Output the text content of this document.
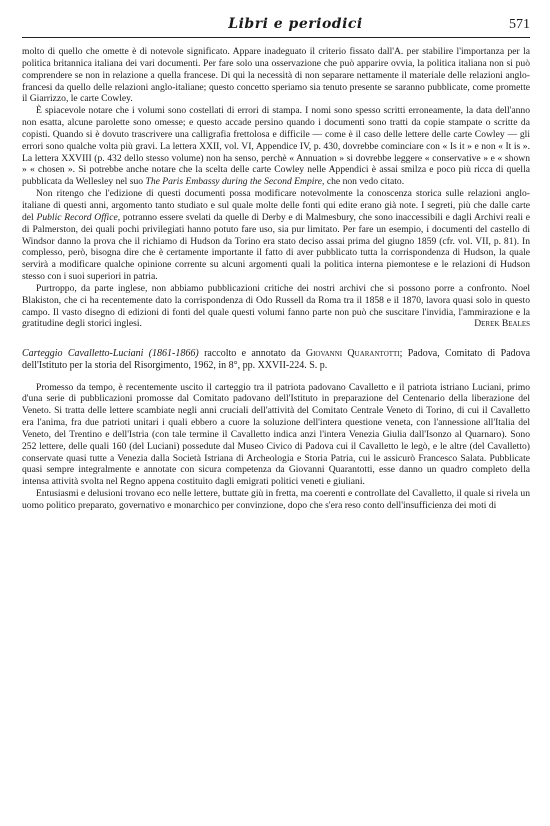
Libri e periodici	571

molto di quello che omette è di notevole significato. Appare inadeguato il criterio fissato dall'A. per stabilire l'importanza per la politica britannica italiana dei vari documenti. Per fare solo una osservazione che può apparire ovvia, la politica italiana non si può comprendere se non in relazione a quella francese. Di qui la necessità di non separare nettamente il materiale delle relazioni anglo-francesi da quello delle relazioni anglo-italiane; questo concetto speriamo sia tenuto presente se saranno pubblicate, come promette il Giarrizzo, le carte Cowley.

È spiacevole notare che i volumi sono costellati di errori di stampa. I nomi sono spesso scritti erroneamente, la data dell'anno non esatta, alcune parolette sono omesse; e questo accade persino quando i documenti sono tratti da copie stampate o scritte da copisti. Quando si è dovuto trascrivere una calligrafia frettolosa e difficile — come è il caso delle lettere delle carte Cowley — gli errori sono qualche volta più gravi. La lettera XXII, vol. VI, Appendice IV, p. 430, dovrebbe cominciare con « Is it » e non « It is ». La lettera XXVIII (p. 432 dello stesso volume) non ha senso, perchè « Annuation » si dovrebbe leggere « conservative » e « shown » « chosen ». Si potrebbe anche notare che la scelta delle carte Cowley nelle Appendici è assai smilza e poco più ricca di quella pubblicata da Wellesley nel suo The Paris Embassy during the Second Empire, che non vedo citato.

Non ritengo che l'edizione di questi documenti possa modificare notevolmente la conoscenza storica sulle relazioni anglo-italiane di questi anni, argomento tanto studiato e sul quale molte delle fonti qui edite erano già note. I segreti, più che dalle carte del Public Record Office, potranno essere svelati da quelle di Derby e di Malmesbury, che sono inaccessibili e dagli Archivi reali e di Palmerston, dei quali pochi privilegiati hanno potuto fare uso, sia pur limitato. Per fare un esempio, i documenti del castello di Windsor danno la prova che il richiamo di Hudson da Torino era stato deciso assai prima del giugno 1859 (cfr. vol. VII, p. 81). In complesso, però, bisogna dire che è certamente importante il fatto di aver pubblicato tutta la corrispondenza di Hudson, la quale servirà a modificare qualche opinione corrente su alcuni argomenti quali la politica interna piemontese e le relazioni di Hudson stesso con i suoi superiori in patria.

Purtroppo, da parte inglese, non abbiamo pubblicazioni critiche dei nostri archivi che si possono porre a confronto. Noel Blakiston, che ci ha recentemente dato la corrispondenza di Odo Russell da Roma tra il 1858 e il 1870, lavora quasi solo in questo campo. Il vasto disegno di edizioni di fonti del quale questi volumi fanno parte non può che suscitare l'invidia, l'ammirazione e la gratitudine degli storici inglesi.	Derek Beales
Carteggio Cavalletto-Luciani (1861-1866) raccolto e annotato da Giovanni Quarantotti; Padova, Comitato di Padova dell'Istituto per la storia del Risorgimento, 1962, in 8°, pp. XXVII-224. S. p.

Promesso da tempo, è recentemente uscito il carteggio tra il patriota padovano Cavalletto e il patriota istriano Luciani, primo d'una serie di pubblicazioni promosse dal Comitato padovano dell'Istituto in preparazione del Centenario della liberazione del Veneto. Si tratta delle lettere scambiate negli anni cruciali dell'attività del Comitato Centrale Veneto di Torino, di cui il Cavalletto era l'anima, fra due patrioti unitari i quali ebbero a cuore la soluzione dell'intera questione veneta, con l'annessione all'Italia del Veneto, del Trentino e dell'Istria (con tale termine il Cavalletto indica anzi l'intera Venezia Giulia dall'Isonzo al Quarnaro). Sono 252 lettere, delle quali 160 (del Luciani) possedute dal Museo Civico di Padova cui il Cavalletto le legò, e le altre (del Cavalletto) conservate quasi tutte a Venezia dalla Società Istriana di Archeologia e Storia Patria, cui le assicurò Francesco Salata. Pubblicate quasi sempre integralmente e annotate con sicura competenza da Giovanni Quarantotti, esse danno un quadro completo della intensa attività svolta nel Regno appena costituito dagli emigrati politici veneti e giuliani.

Entusiasmi e delusioni trovano eco nelle lettere, buttate giù in fretta, ma coerenti e controllate del Cavalletto, il quale si rivela un uomo politico preparato, governativo e monarchico per convinzione, dopo che s'era reso conto dell'insufficienza dei moti di
